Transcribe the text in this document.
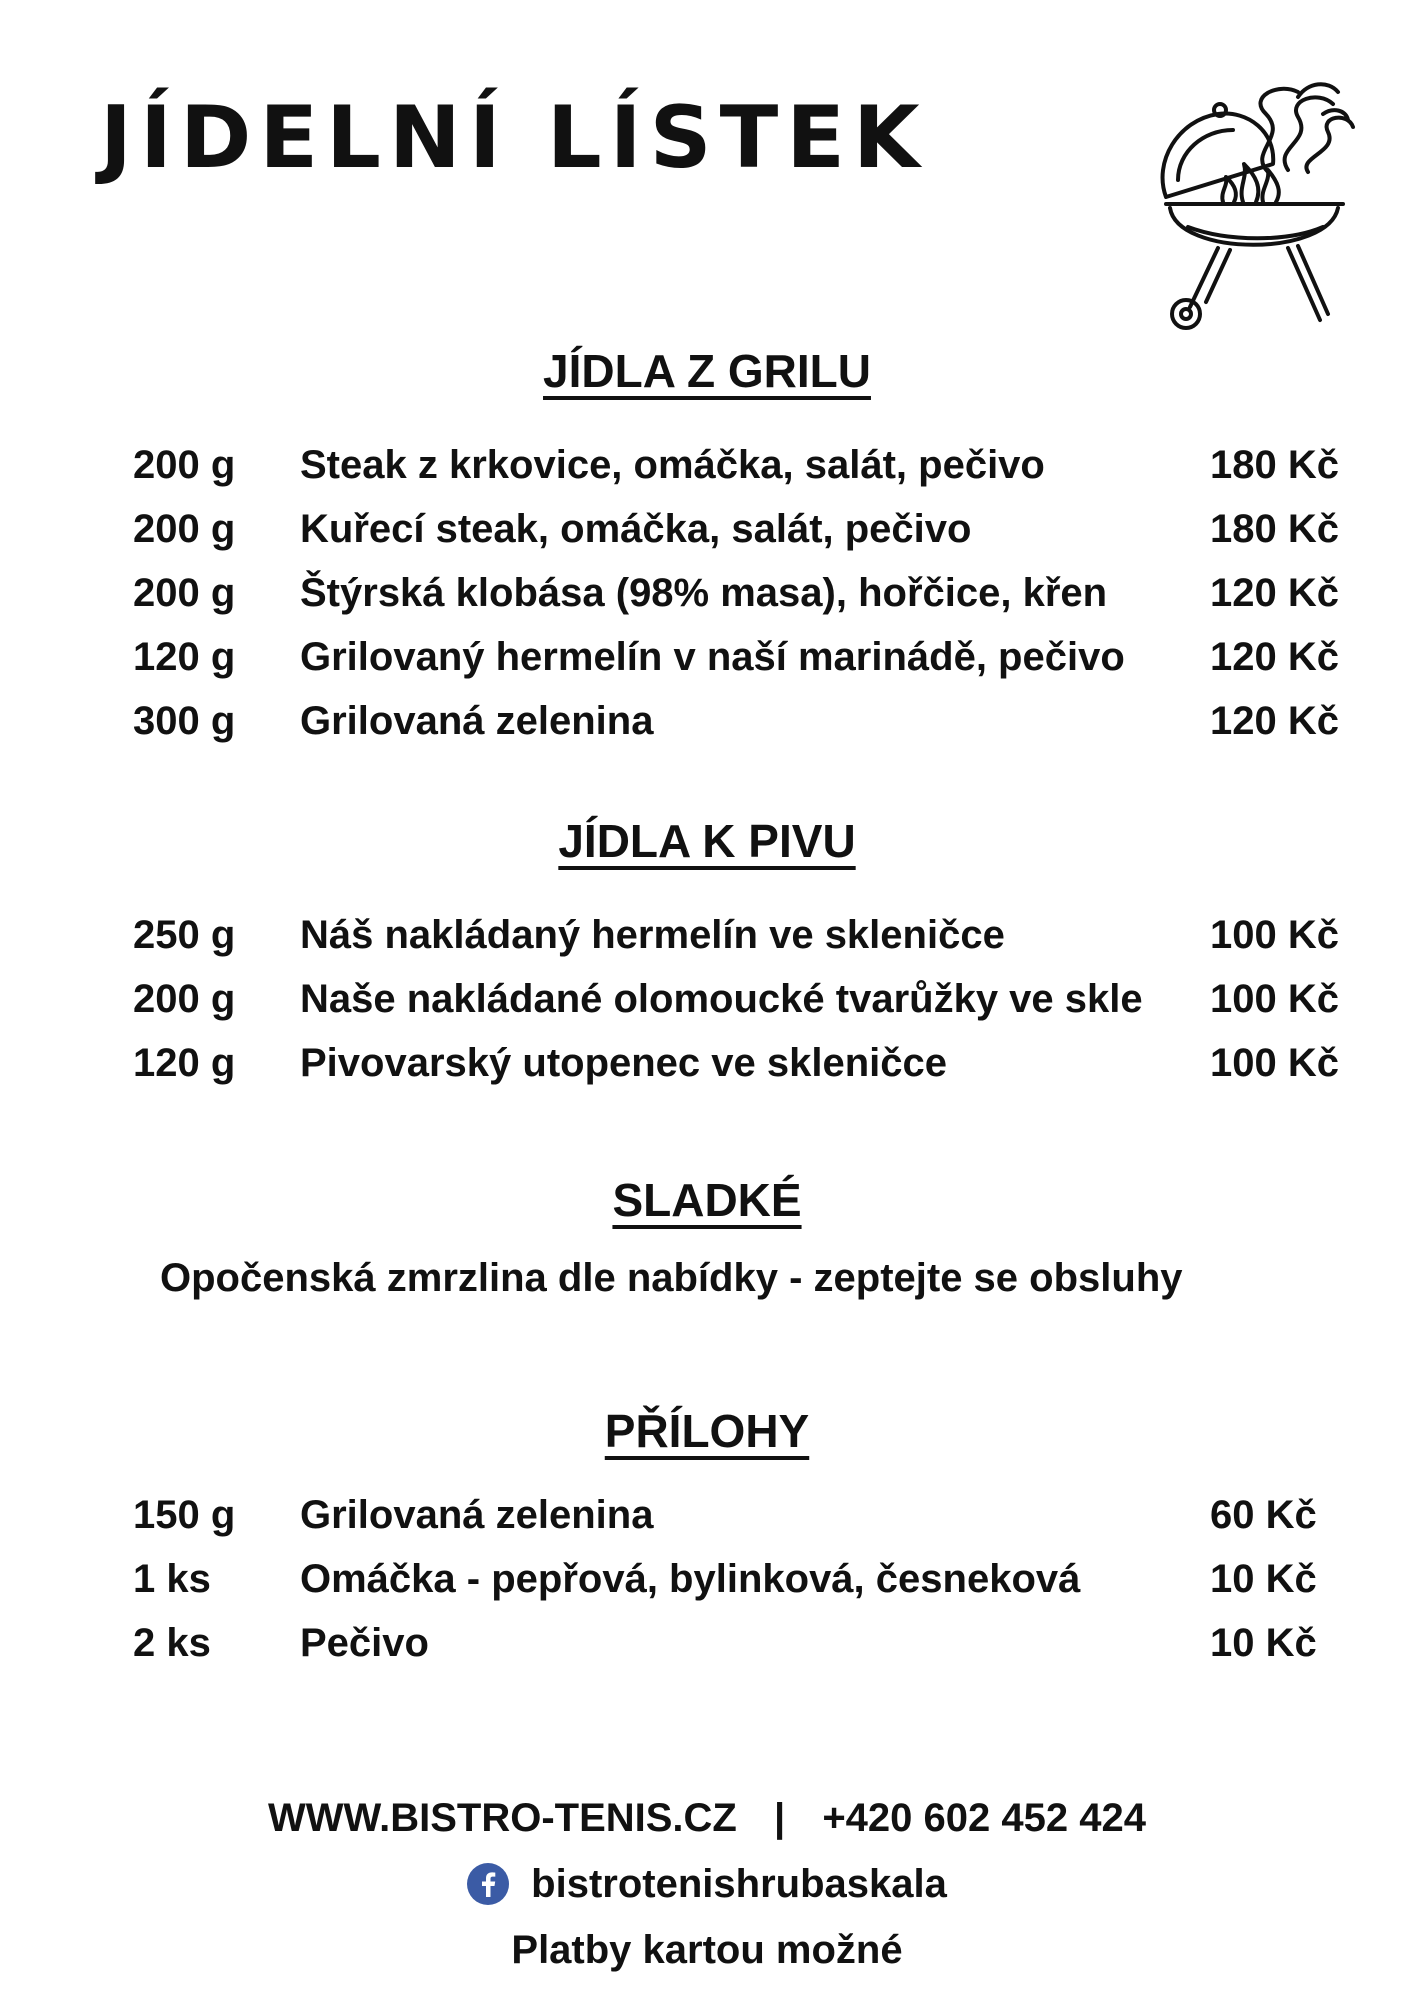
JÍDELNÍ LÍSTEK
JÍDLA Z GRILU
200 g Steak z krkovice, omáčka, salát, pečivo	180 Kč
200 g Kuřecí steak, omáčka, salát, pečivo	180 Kč
200 g Štýrská klobása (98% masa), hořčice, křen	120 Kč
120 g Grilovaný hermelín v naší marinádě, pečivo 120 Kč
300 g Grilovaná zelenina	120 Kč
JÍDLA K PIVU
250 g Náš nakládaný hermelín ve skleničce	100 Kč
200 g Naše nakládané olomoucké tvarůžky ve skle 100 Kč
120 g Pivovarský utopenec ve skleničce	100 Kč
SLADKÉ
Opočenská zmrzlina dle nabídky - zeptejte se obsluhy
PŘÍLOHY
150 g Grilovaná zelenina	60 Kč
1 ks Omáčka - pepřová, bylinková, česneková	10 Kč
2 ks Pečivo	10 Kč
WWW.BISTRO-TENIS.CZ | +420 602 452 424
bistrotenishrubaskala
Platby kartou možné
